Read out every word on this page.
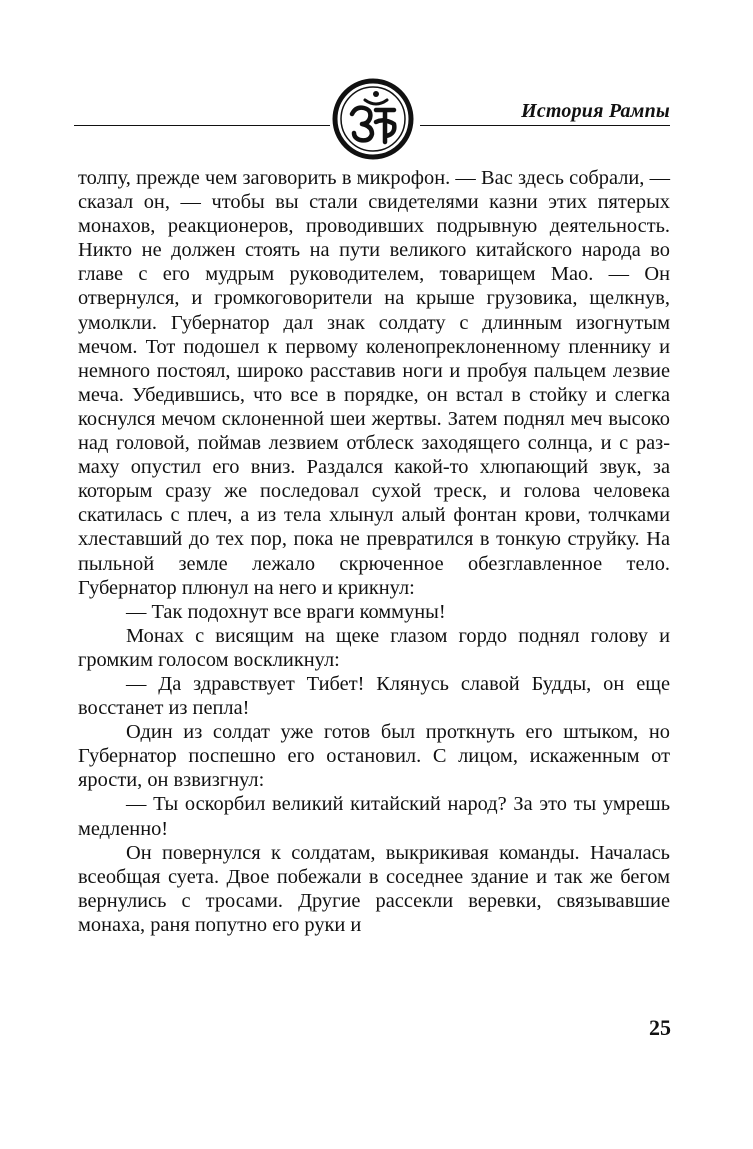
История Рампы

толпу, прежде чем заговорить в микрофон. — Вас здесь собрали, — сказал он, — чтобы вы стали свидетелями казни этих пятерых монахов, реакционеров, проводивших подрывную деятельность. Никто не должен стоять на пути великого китайского народа во главе с его мудрым руководителем, товарищем Мао. — Он отвернулся, и громкоговорители на крыше грузовика, щелкнув, умолкли. Губернатор дал знак солдату с длинным изогнутым мечом. Тот подошел к первому коленопреклоненному пленнику и немного постоял, широко расставив ноги и пробуя пальцем лезвие меча. Убедившись, что все в порядке, он встал в стойку и слегка коснулся мечом склоненной шеи жертвы. Затем поднял меч высоко над головой, поймав лезвием отблеск заходящего солнца, и с размаху опустил его вниз. Раздался какой-то хлюпающий звук, за которым сразу же последовал сухой треск, и голова человека скатилась с плеч, а из тела хлынул алый фонтан крови, толчками хлеставший до тех пор, пока не превратился в тонкую струйку. На пыльной земле лежало скрюченное обезглавленное тело. Губернатор плюнул на него и крикнул:

— Так подохнут все враги коммуны!

Монах с висящим на щеке глазом гордо поднял голову и громким голосом воскликнул:

— Да здравствует Тибет! Клянусь славой Будды, он еще восстанет из пепла!

Один из солдат уже готов был проткнуть его штыком, но Губернатор поспешно его остановил. С лицом, искаженным от ярости, он взвизгнул:

— Ты оскорбил великий китайский народ? За это ты умрешь медленно!

Он повернулся к солдатам, выкрикивая команды. Началась всеобщая суета. Двое побежали в соседнее здание и так же бегом вернулись с тросами. Другие рассекли веревки, связывавшие монаха, раня попутно его руки и

25
